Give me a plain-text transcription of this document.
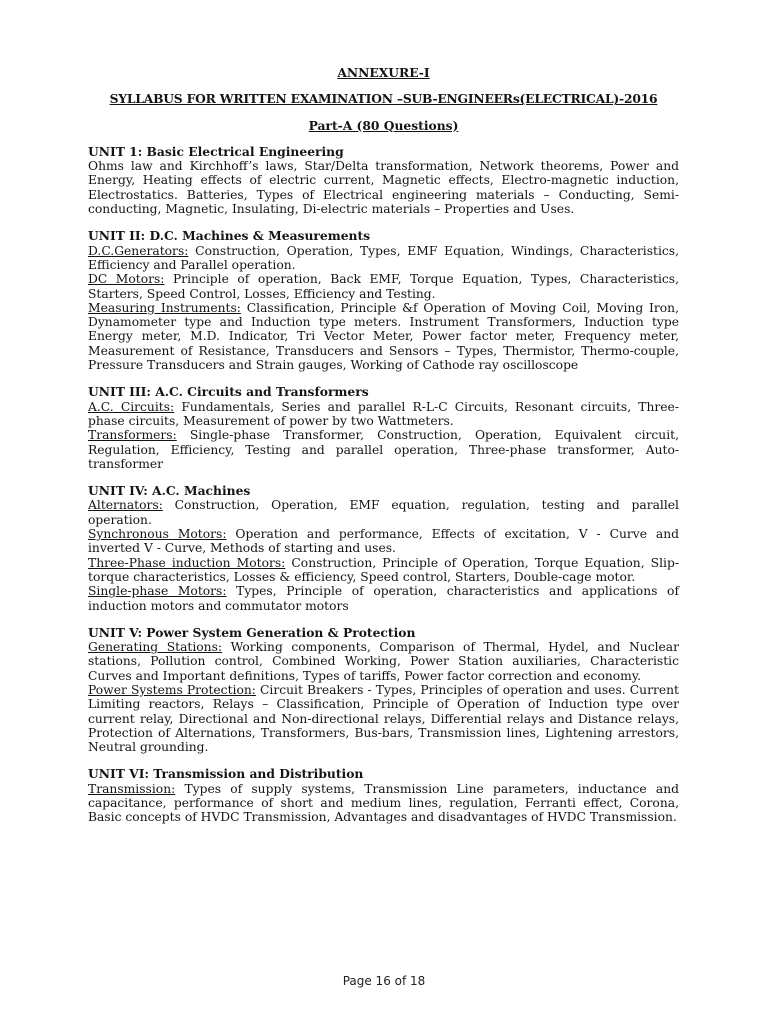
ANNEXURE-I
SYLLABUS FOR WRITTEN EXAMINATION –SUB-ENGINEERs(ELECTRICAL)-2016
Part-A (80 Questions)
UNIT 1: Basic Electrical Engineering

Ohms law and Kirchhoff’s laws, Star/Delta transformation, Network theorems, Power and Energy, Heating effects of electric current, Magnetic effects, Electro-magnetic induction, Electrostatics. Batteries, Types of Electrical engineering materials – Conducting, Semi-conducting, Magnetic, Insulating, Di-electric materials – Properties and Uses.

UNIT II: D.C. Machines & Measurements

D.C.Generators: Construction, Operation, Types, EMF Equation, Windings, Characteristics, Efficiency and Parallel operation.

DC Motors: Principle of operation, Back EMF, Torque Equation, Types, Characteristics, Starters, Speed Control, Losses, Efficiency and Testing.

Measuring Instruments: Classification, Principle &f Operation of Moving Coil, Moving Iron, Dynamometer type and Induction type meters. Instrument Transformers, Induction type Energy meter, M.D. Indicator, Tri Vector Meter, Power factor meter, Frequency meter, Measurement of Resistance, Transducers and Sensors – Types, Thermistor, Thermo-couple, Pressure Transducers and Strain gauges, Working of Cathode ray oscilloscope

UNIT III: A.C. Circuits and Transformers

A.C. Circuits: Fundamentals, Series and parallel R-L-C Circuits, Resonant circuits, Three-phase circuits, Measurement of power by two Wattmeters.

Transformers: Single-phase Transformer, Construction, Operation, Equivalent circuit, Regulation, Efficiency, Testing and parallel operation, Three-phase transformer, Auto-transformer

UNIT IV: A.C. Machines

Alternators: Construction, Operation, EMF equation, regulation, testing and parallel operation.

Synchronous Motors: Operation and performance, Effects of excitation, V - Curve and inverted V - Curve, Methods of starting and uses.

Three-Phase induction Motors: Construction, Principle of Operation, Torque Equation, Slip-torque characteristics, Losses & efficiency, Speed control, Starters, Double-cage motor.

Single-phase Motors: Types, Principle of operation, characteristics and applications of induction motors and commutator motors

UNIT V: Power System Generation & Protection

Generating Stations: Working components, Comparison of Thermal, Hydel, and Nuclear stations, Pollution control, Combined Working, Power Station auxiliaries, Characteristic Curves and Important definitions, Types of tariffs, Power factor correction and economy.

Power Systems Protection: Circuit Breakers - Types, Principles of operation and uses. Current Limiting reactors, Relays – Classification, Principle of Operation of Induction type over current relay, Directional and Non-directional relays, Differential relays and Distance relays, Protection of Alternations, Transformers, Bus-bars, Transmission lines, Lightening arrestors, Neutral grounding.

UNIT VI: Transmission and Distribution

Transmission: Types of supply systems, Transmission Line parameters, inductance and capacitance, performance of short and medium lines, regulation, Ferranti effect, Corona, Basic concepts of HVDC Transmission, Advantages and disadvantages of HVDC Transmission.

Page 16 of 18
